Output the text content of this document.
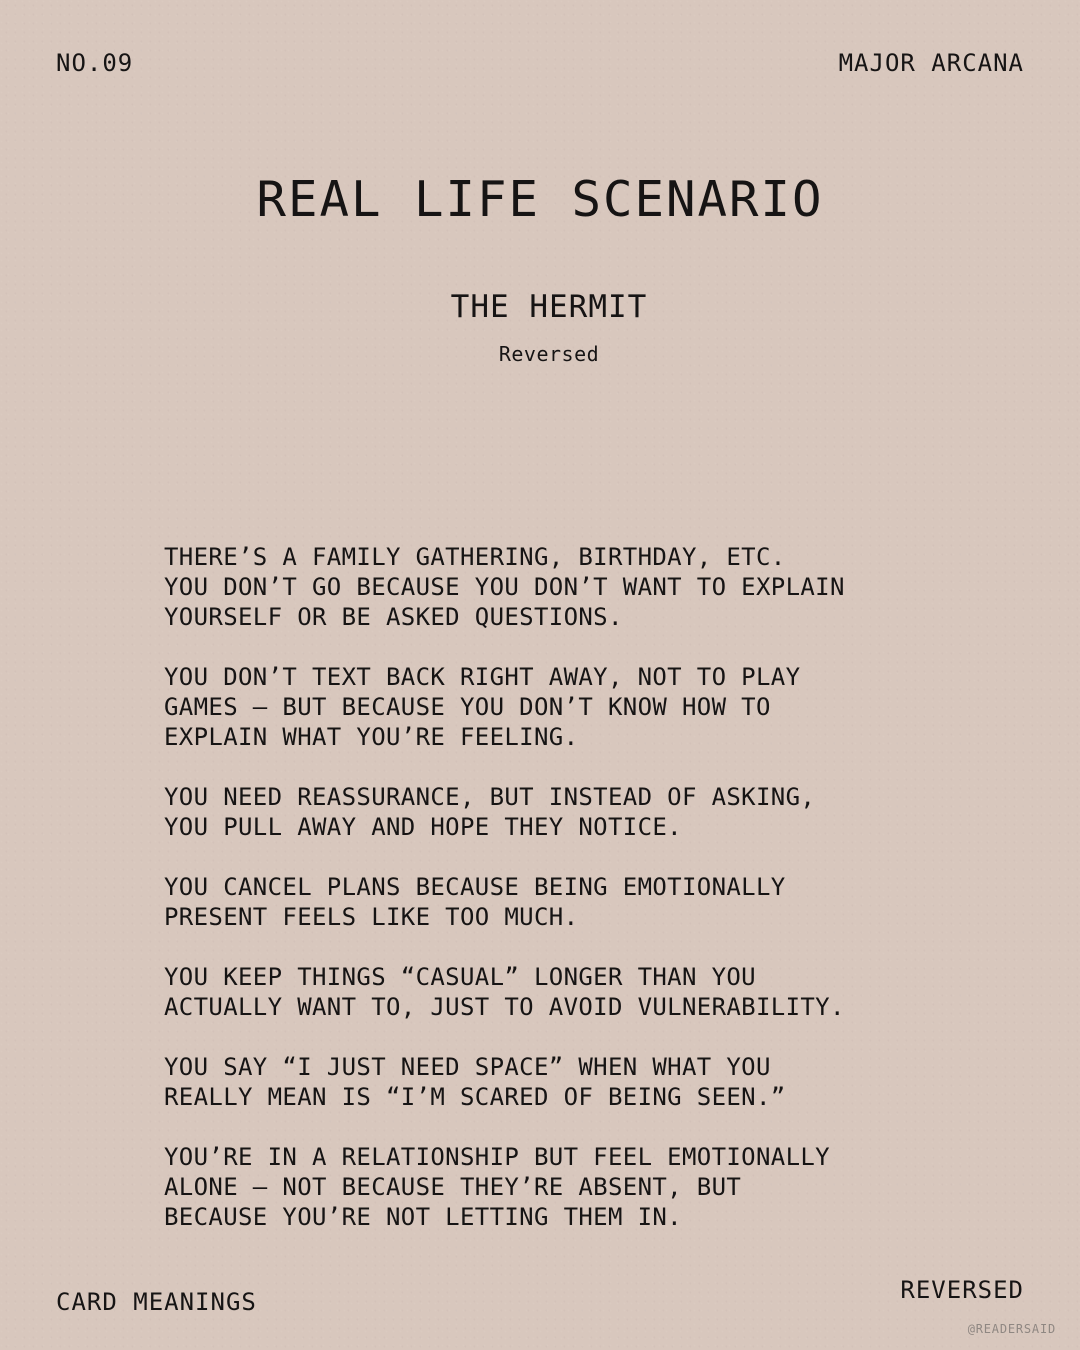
NO.09	MAJOR ARCANA
REAL LIFE SCENARIO
THE HERMIT
Reversed
THERE’S A FAMILY GATHERING, BIRTHDAY, ETC.
YOU DON’T GO BECAUSE YOU DON’T WANT TO EXPLAIN
YOURSELF OR BE ASKED QUESTIONS.
YOU DON’T TEXT BACK RIGHT AWAY, NOT TO PLAY
GAMES — BUT BECAUSE YOU DON’T KNOW HOW TO
EXPLAIN WHAT YOU’RE FEELING.
YOU NEED REASSURANCE, BUT INSTEAD OF ASKING,
YOU PULL AWAY AND HOPE THEY NOTICE.
YOU CANCEL PLANS BECAUSE BEING EMOTIONALLY
PRESENT FEELS LIKE TOO MUCH.
YOU KEEP THINGS “CASUAL” LONGER THAN YOU
ACTUALLY WANT TO, JUST TO AVOID VULNERABILITY.
YOU SAY “I JUST NEED SPACE” WHEN WHAT YOU
REALLY MEAN IS “I’M SCARED OF BEING SEEN.”
YOU’RE IN A RELATIONSHIP BUT FEEL EMOTIONALLY
ALONE — NOT BECAUSE THEY’RE ABSENT, BUT
BECAUSE YOU’RE NOT LETTING THEM IN.
CARD MEANINGS	REVERSED
@READERSAID
